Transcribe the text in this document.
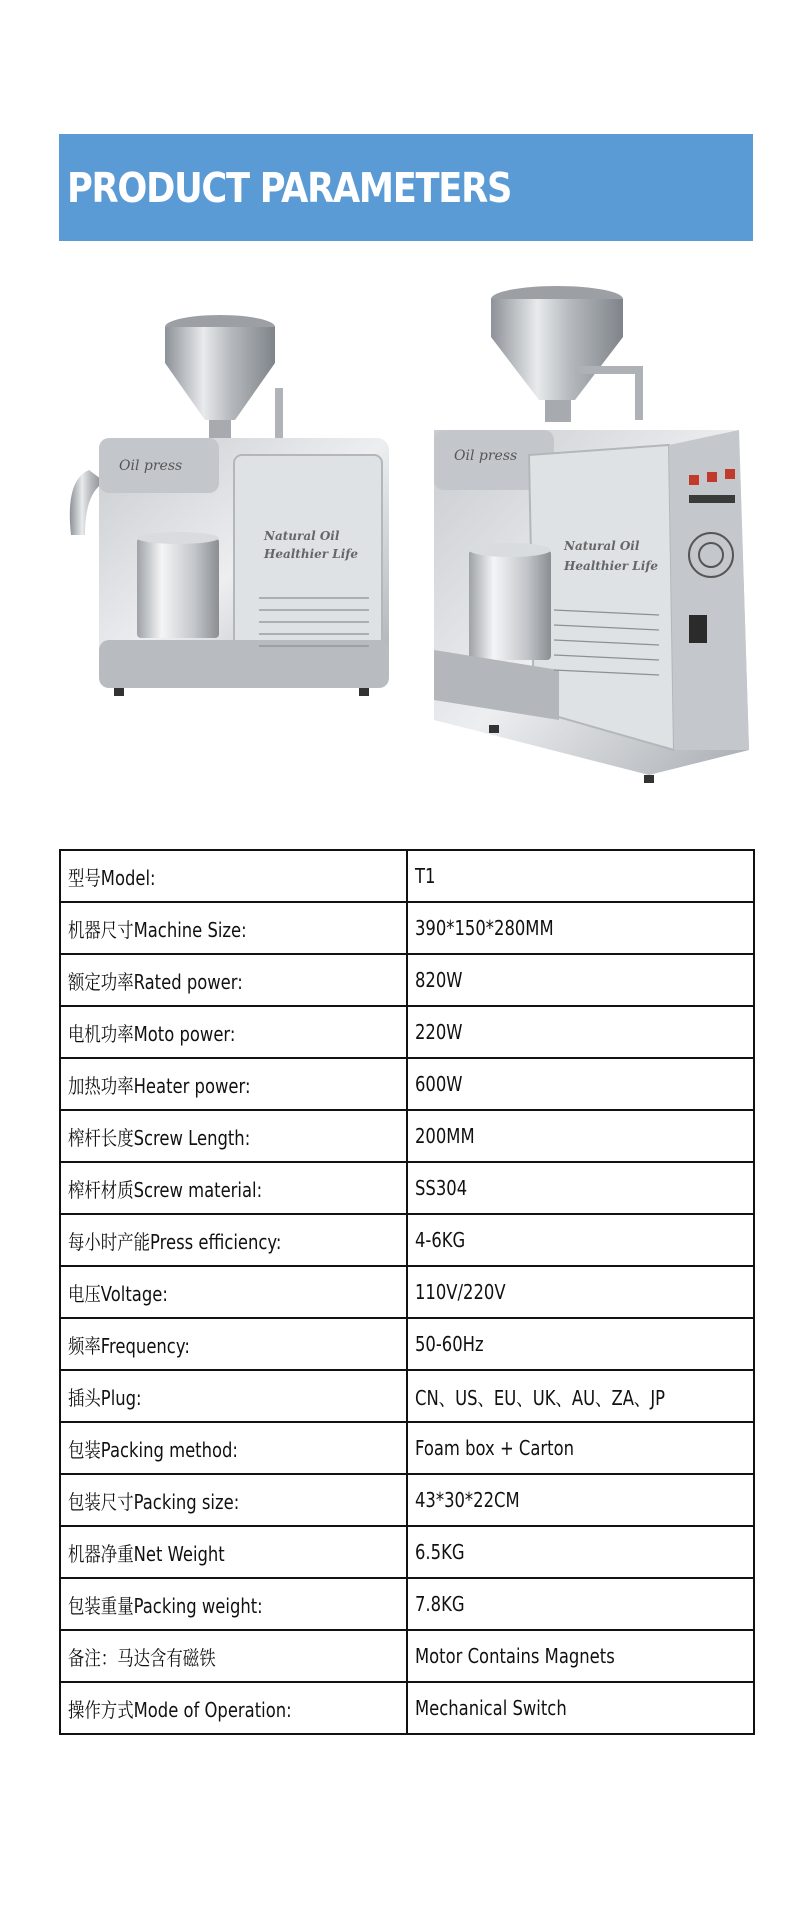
PRODUCT PARAMETERS
Oil press
Natural Oil
Healthier Life
Oil press
Natural Oil
Healthier Life
型号Model:	T1
机器尺寸Machine Size:	390*150*280MM
额定功率Rated power:	820W
电机功率Moto power:	220W
加热功率Heater power:	600W
榨杆长度Screw Length:	200MM
榨杆材质Screw material:	SS304
每小时产能Press efficiency:	4-6KG
电压Voltage:	110V/220V
频率Frequency:	50-60Hz
插头Plug:	CN、US、EU、UK、AU、ZA、JP
包装Packing method:	Foam box + Carton
包装尺寸Packing size:	43*30*22CM
机器净重Net Weight	6.5KG
包装重量Packing weight:	7.8KG
备注：马达含有磁铁	Motor Contains Magnets
操作方式Mode of Operation:	Mechanical Switch
